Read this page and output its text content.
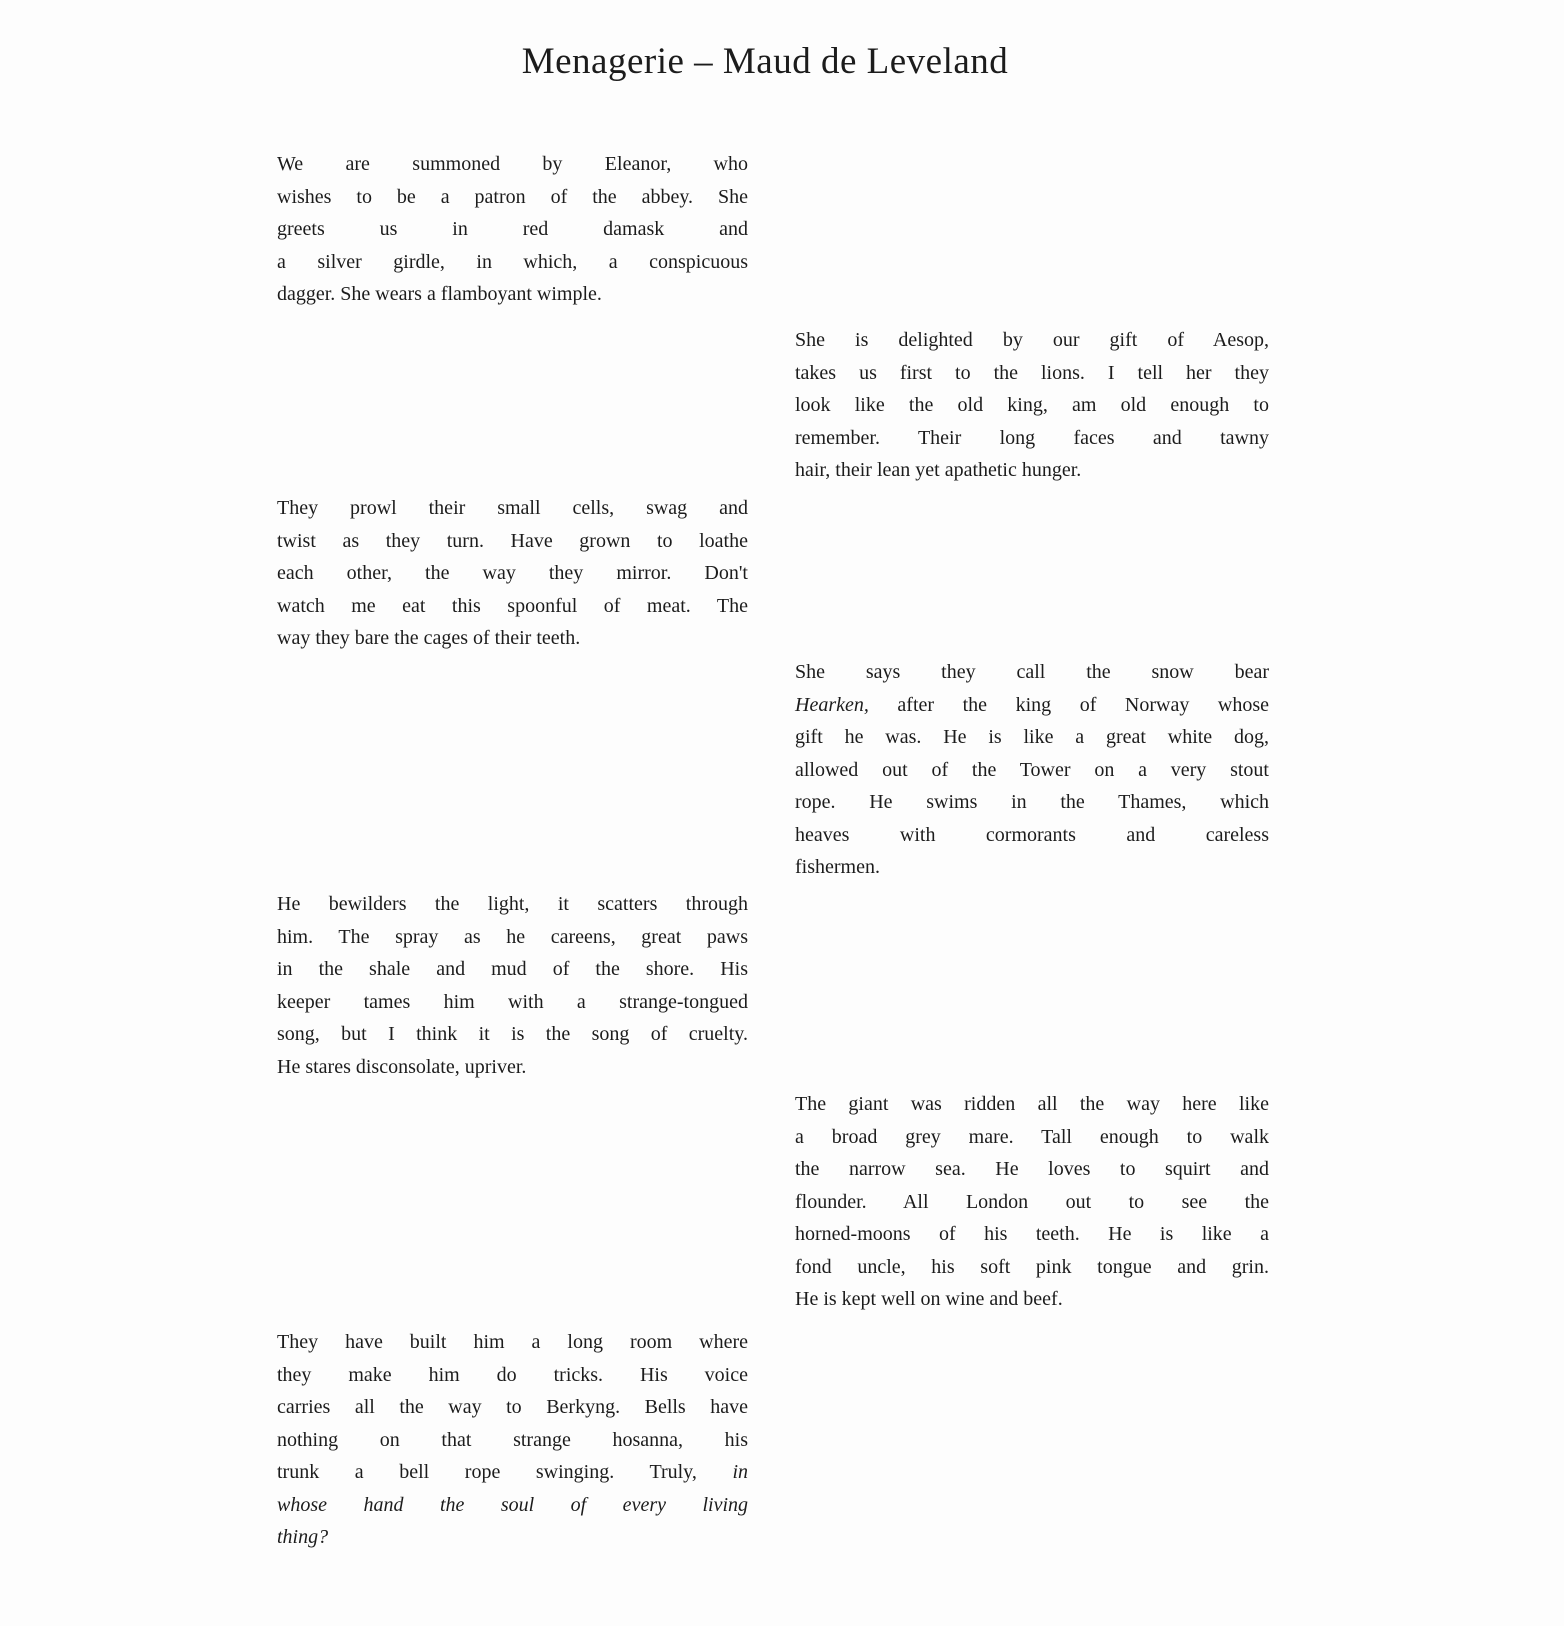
Menagerie – Maud de Leveland
We are summoned by Eleanor, who
wishes to be a patron of the abbey. She
greets us in red damask and
a silver girdle, in which, a conspicuous
dagger. She wears a flamboyant wimple.
She is delighted by our gift of Aesop,
takes us first to the lions. I tell her they
look like the old king, am old enough to
remember. Their long faces and tawny
hair, their lean yet apathetic hunger.
They prowl their small cells, swag and
twist as they turn. Have grown to loathe
each other, the way they mirror. Don't
watch me eat this spoonful of meat. The
way they bare the cages of their teeth.
She says they call the snow bear
Hearken, after the king of Norway whose
gift he was. He is like a great white dog,
allowed out of the Tower on a very stout
rope. He swims in the Thames, which
heaves with cormorants and careless
fishermen.
He bewilders the light, it scatters through
him. The spray as he careens, great paws
in the shale and mud of the shore. His
keeper tames him with a strange-tongued
song, but I think it is the song of cruelty.
He stares disconsolate, upriver.
The giant was ridden all the way here like
a broad grey mare. Tall enough to walk
the narrow sea. He loves to squirt and
flounder. All London out to see the
horned-moons of his teeth. He is like a
fond uncle, his soft pink tongue and grin.
He is kept well on wine and beef.
They have built him a long room where
they make him do tricks. His voice
carries all the way to Berkyng. Bells have
nothing on that strange hosanna, his
trunk a bell rope swinging. Truly, in
whose hand the soul of every living
thing?
